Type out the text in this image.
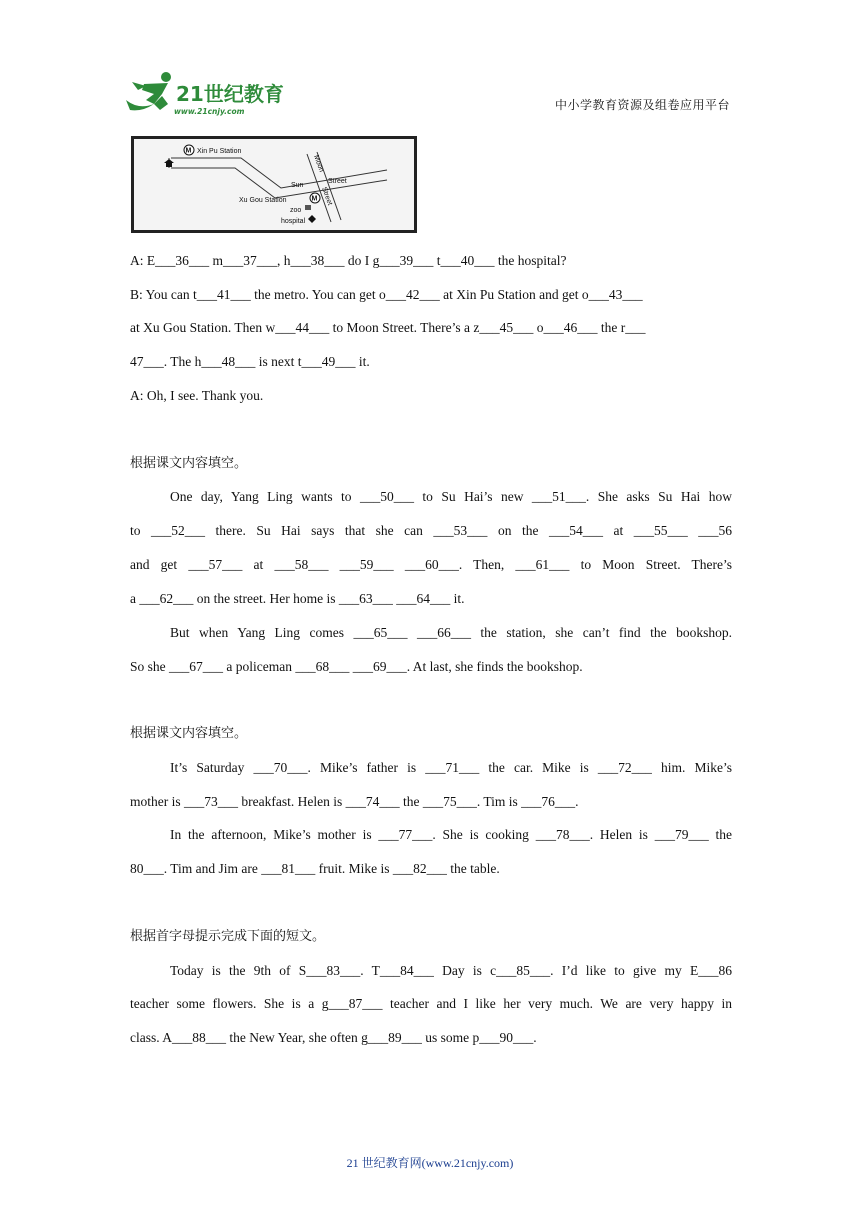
21世纪教育
www.21cnjy.com	中小学教育资源及组卷应用平台
M
M
Xin Pu Station
Sun
Street
Moon
Street
Xu Gou Station
zoo
hospital
A: E___36___ m___37___, h___38___ do I g___39___ t___40___ the hospital?
B: You can t___41___ the metro. You can get o___42___ at Xin Pu Station and get o___43___
at Xu Gou Station. Then w___44___ to Moon Street. There’s a z___45___ o___46___ the r___
47___. The h___48___ is next t___49___ it.
A: Oh, I see. Thank you.
根据课文内容填空。
One day, Yang Ling wants to ___50___ to Su Hai’s new ___51___. She asks Su Hai how
to ___52___ there. Su Hai says that she can ___53___ on the ___54___ at ___55___ ___56
and get ___57___ at ___58___ ___59___ ___60___. Then, ___61___ to Moon Street. There’s
a ___62___ on the street. Her home is ___63___ ___64___ it.
But when Yang Ling comes ___65___ ___66___ the station, she can’t find the bookshop.
So she ___67___ a policeman ___68___ ___69___. At last, she finds the bookshop.
根据课文内容填空。
It’s Saturday ___70___. Mike’s father is ___71___ the car. Mike is ___72___ him. Mike’s
mother is ___73___ breakfast. Helen is ___74___ the ___75___. Tim is ___76___.
In the afternoon, Mike’s mother is ___77___. She is cooking ___78___. Helen is ___79___ the
80___. Tim and Jim are ___81___ fruit. Mike is ___82___ the table.
根据首字母提示完成下面的短文。
Today is the 9th of S___83___. T___84___ Day is c___85___. I’d like to give my E___86
teacher some flowers. She is a g___87___ teacher and I like her very much. We are very happy in
class. A___88___ the New Year, she often g___89___ us some p___90___.
21 世纪教育网(www.21cnjy.com)
